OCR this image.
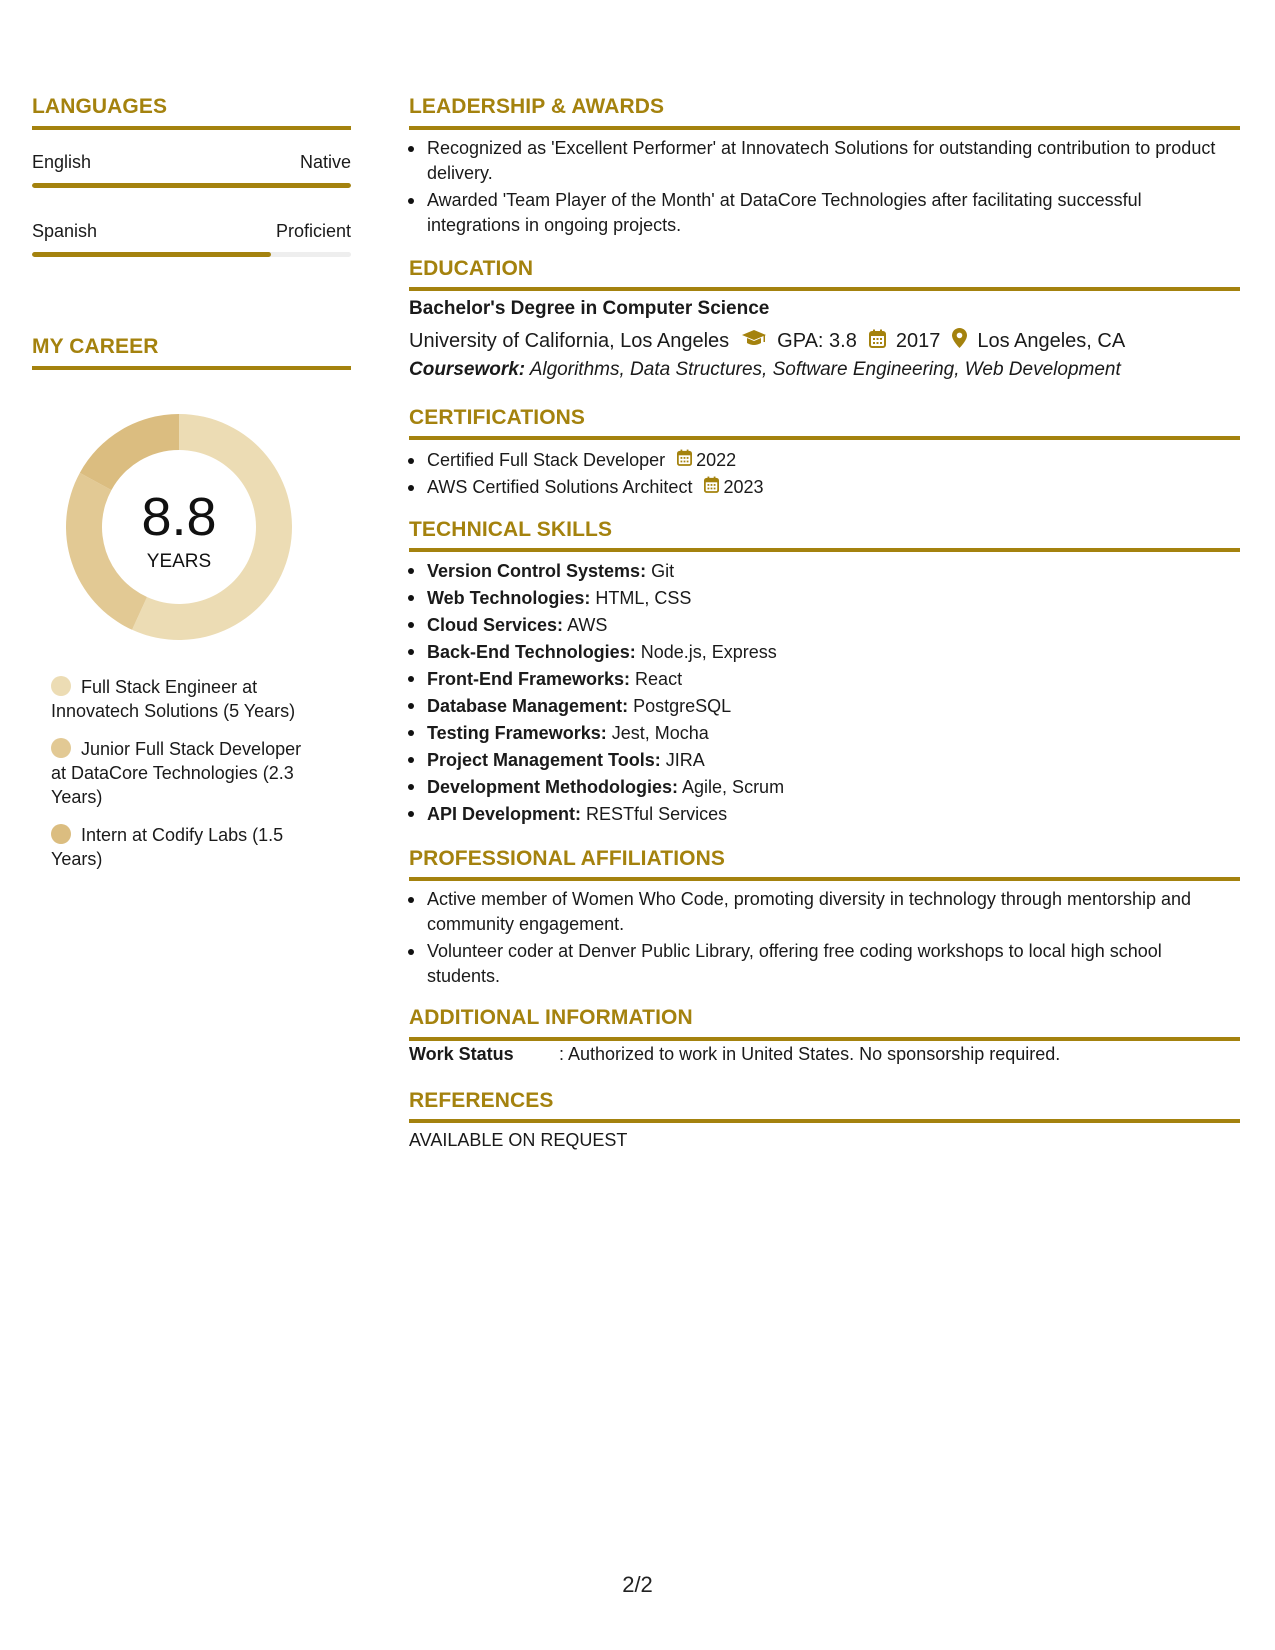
LANGUAGES
English	Native
Spanish	Proficient
MY CAREER
8.8
YEARS
Full Stack Engineer at Innovatech Solutions (5 Years)
Junior Full Stack Developer at DataCore Technologies (2.3 Years)
Intern at Codify Labs (1.5 Years)
LEADERSHIP & AWARDS
Recognized as 'Excellent Performer' at Innovatech Solutions for outstanding contribution to product delivery.
Awarded 'Team Player of the Month' at DataCore Technologies after facilitating successful integrations in ongoing projects.
EDUCATION
Bachelor's Degree in Computer Science
University of California, Los Angeles GPA: 3.8 2017 Los Angeles, CA
Coursework: Algorithms, Data Structures, Software Engineering, Web Development
CERTIFICATIONS
Certified Full Stack Developer 2022
AWS Certified Solutions Architect 2023
TECHNICAL SKILLS
Version Control Systems: Git
Web Technologies: HTML, CSS
Cloud Services: AWS
Back-End Technologies: Node.js, Express
Front-End Frameworks: React
Database Management: PostgreSQL
Testing Frameworks: Jest, Mocha
Project Management Tools: JIRA
Development Methodologies: Agile, Scrum
API Development: RESTful Services
PROFESSIONAL AFFILIATIONS
Active member of Women Who Code, promoting diversity in technology through mentorship and community engagement.
Volunteer coder at Denver Public Library, offering free coding workshops to local high school students.
ADDITIONAL INFORMATION
Work Status	: Authorized to work in United States. No sponsorship required.
REFERENCES
AVAILABLE ON REQUEST
2/2
